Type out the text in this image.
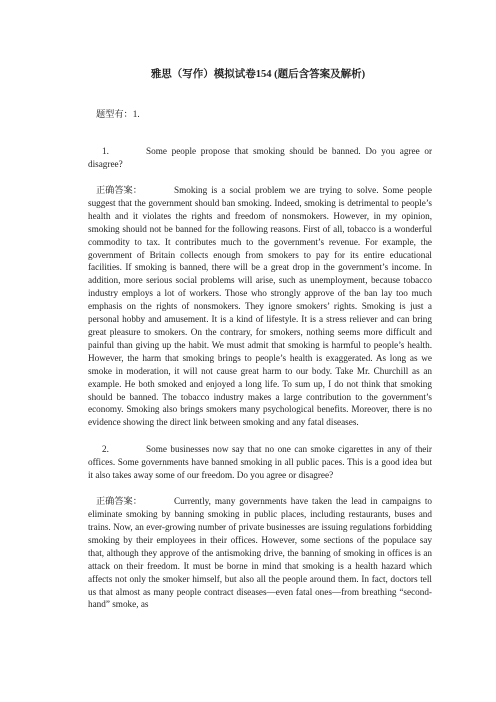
雅思（写作）模拟试卷154 (题后含答案及解析)
题型有：1.

1.	Some people propose that smoking should be banned. Do you agree or disagree?

正确答案：	Smoking is a social problem we are trying to solve. Some people suggest that the government should ban smoking. Indeed, smoking is detrimental to people’s health and it violates the rights and freedom of nonsmokers. However, in my opinion, smoking should not be banned for the following reasons. First of all, tobacco is a wonderful commodity to tax. It contributes much to the government’s revenue. For example, the government of Britain collects enough from smokers to pay for its entire educational facilities. If smoking is banned, there will be a great drop in the government’s income. In addition, more serious social problems will arise, such as unemployment, because tobacco industry employs a lot of workers. Those who strongly approve of the ban lay too much emphasis on the rights of nonsmokers. They ignore smokers’ rights. Smoking is just a personal hobby and amusement. It is a kind of lifestyle. It is a stress reliever and can bring great pleasure to smokers. On the contrary, for smokers, nothing seems more difficult and painful than giving up the habit. We must admit that smoking is harmful to people’s health. However, the harm that smoking brings to people’s health is exaggerated. As long as we smoke in moderation, it will not cause great harm to our body. Take Mr. Churchill as an example. He both smoked and enjoyed a long life. To sum up, I do not think that smoking should be banned. The tobacco industry makes a large contribution to the government’s economy. Smoking also brings smokers many psychological benefits. Moreover, there is no evidence showing the direct link between smoking and any fatal diseases.

2.	Some businesses now say that no one can smoke cigarettes in any of their offices. Some governments have banned smoking in all public paces. This is a good idea but it also takes away some of our freedom. Do you agree or disagree?

正确答案：	Currently, many governments have taken the lead in campaigns to eliminate smoking by banning smoking in public places, including restaurants, buses and trains. Now, an ever-growing number of private businesses are issuing regulations forbidding smoking by their employees in their offices. However, some sections of the populace say that, although they approve of the antismoking drive, the banning of smoking in offices is an attack on their freedom. It must be borne in mind that smoking is a health hazard which affects not only the smoker himself, but also all the people around them. In fact, doctors tell us that almost as many people contract diseases—even fatal ones—from breathing “second-hand” smoke, as
